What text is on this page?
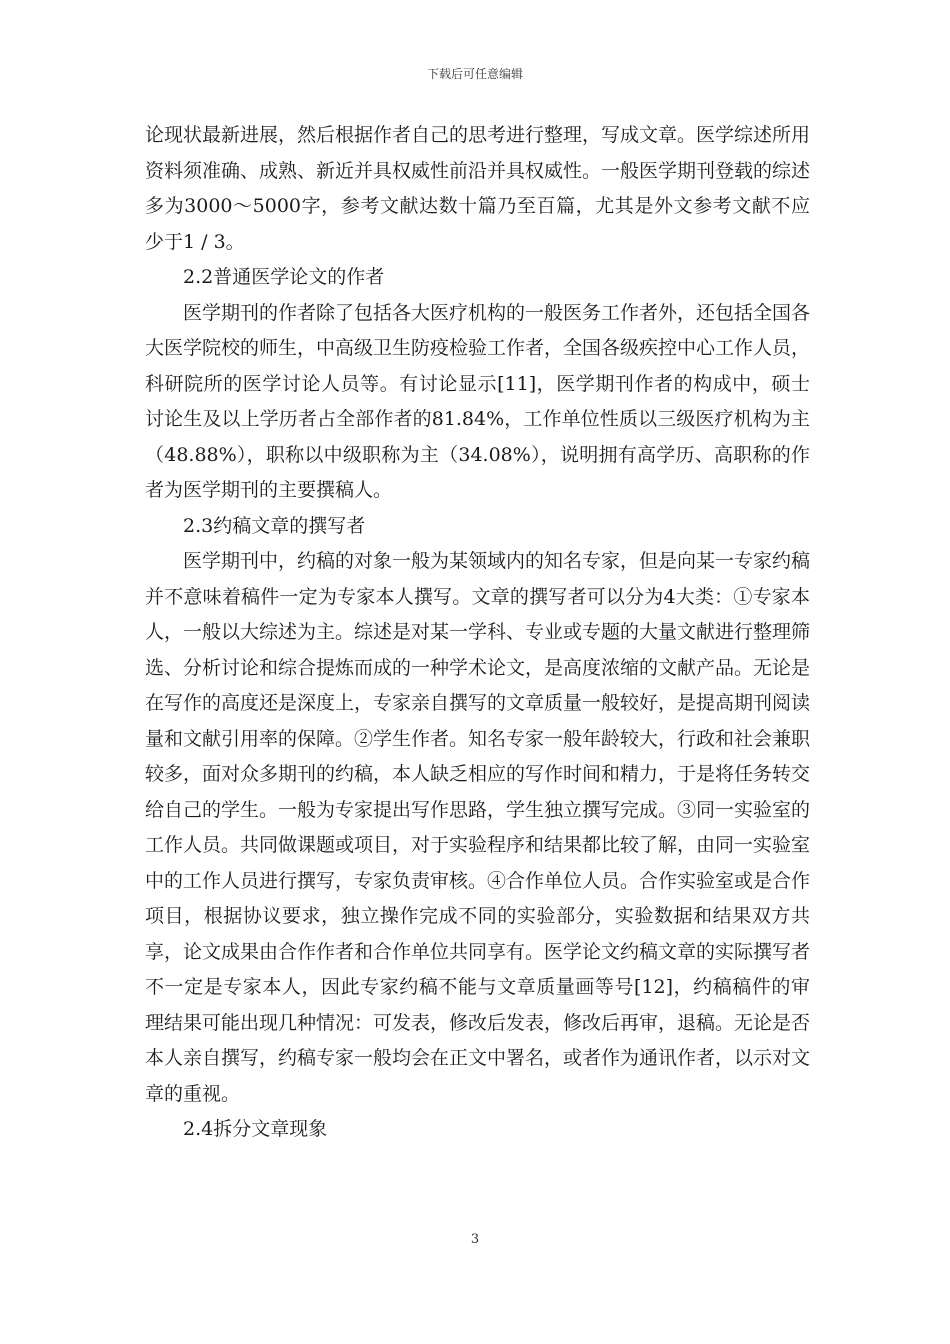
下载后可任意编辑

论现状最新进展，然后根据作者自己的思考进行整理，写成文章。医学综述所用资料须准确、成熟、新近并具权威性前沿并具权威性。一般医学期刊登载的综述多为3000～5000字，参考文献达数十篇乃至百篇，尤其是外文参考文献不应少于1 / 3。

2.2普通医学论文的作者

医学期刊的作者除了包括各大医疗机构的一般医务工作者外，还包括全国各大医学院校的师生，中高级卫生防疫检验工作者，全国各级疾控中心工作人员，科研院所的医学讨论人员等。有讨论显示[11]，医学期刊作者的构成中，硕士讨论生及以上学历者占全部作者的81.84%，工作单位性质以三级医疗机构为主（48.88%），职称以中级职称为主（34.08%），说明拥有高学历、高职称的作者为医学期刊的主要撰稿人。

2.3约稿文章的撰写者

医学期刊中，约稿的对象一般为某领域内的知名专家，但是向某一专家约稿并不意味着稿件一定为专家本人撰写。文章的撰写者可以分为4大类：①专家本人，一般以大综述为主。综述是对某一学科、专业或专题的大量文献进行整理筛选、分析讨论和综合提炼而成的一种学术论文，是高度浓缩的文献产品。无论是在写作的高度还是深度上，专家亲自撰写的文章质量一般较好，是提高期刊阅读量和文献引用率的保障。②学生作者。知名专家一般年龄较大，行政和社会兼职较多，面对众多期刊的约稿，本人缺乏相应的写作时间和精力，于是将任务转交给自己的学生。一般为专家提出写作思路，学生独立撰写完成。③同一实验室的工作人员。共同做课题或项目，对于实验程序和结果都比较了解，由同一实验室中的工作人员进行撰写，专家负责审核。④合作单位人员。合作实验室或是合作项目，根据协议要求，独立操作完成不同的实验部分，实验数据和结果双方共享，论文成果由合作作者和合作单位共同享有。医学论文约稿文章的实际撰写者不一定是专家本人，因此专家约稿不能与文章质量画等号[12]，约稿稿件的审理结果可能出现几种情况：可发表，修改后发表，修改后再审，退稿。无论是否本人亲自撰写，约稿专家一般均会在正文中署名，或者作为通讯作者，以示对文章的重视。

2.4拆分文章现象

3
